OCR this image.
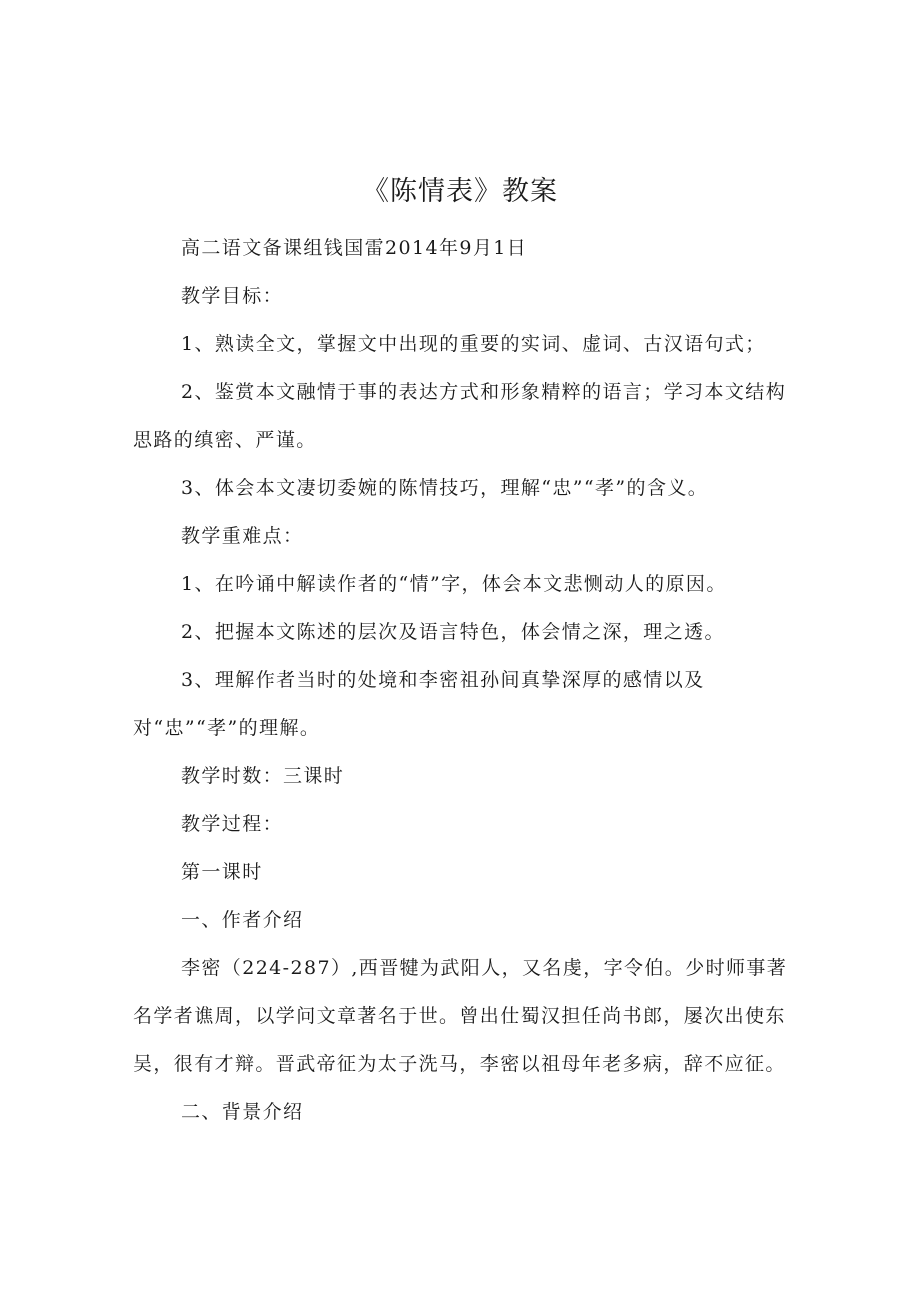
《陈情表》教案

高二语文备课组钱国雷2014年9月1日

教学目标：

1、熟读全文，掌握文中出现的重要的实词、虚词、古汉语句式；

2、鉴赏本文融情于事的表达方式和形象精粹的语言；学习本文结构思路的缜密、严谨。

3、体会本文凄切委婉的陈情技巧，理解“忠”“孝”的含义。

教学重难点：

1、在吟诵中解读作者的“情”字，体会本文悲恻动人的原因。

2、把握本文陈述的层次及语言特色，体会情之深，理之透。

3、理解作者当时的处境和李密祖孙间真挚深厚的感情以及对“忠”“孝”的理解。

教学时数：三课时

教学过程：

第一课时

一、作者介绍

李密（224-287）,西晋犍为武阳人，又名虔，字令伯。少时师事著名学者谯周，以学问文章著名于世。曾出仕蜀汉担任尚书郎，屡次出使东吴，很有才辩。晋武帝征为太子洗马，李密以祖母年老多病，辞不应征。

二、背景介绍
